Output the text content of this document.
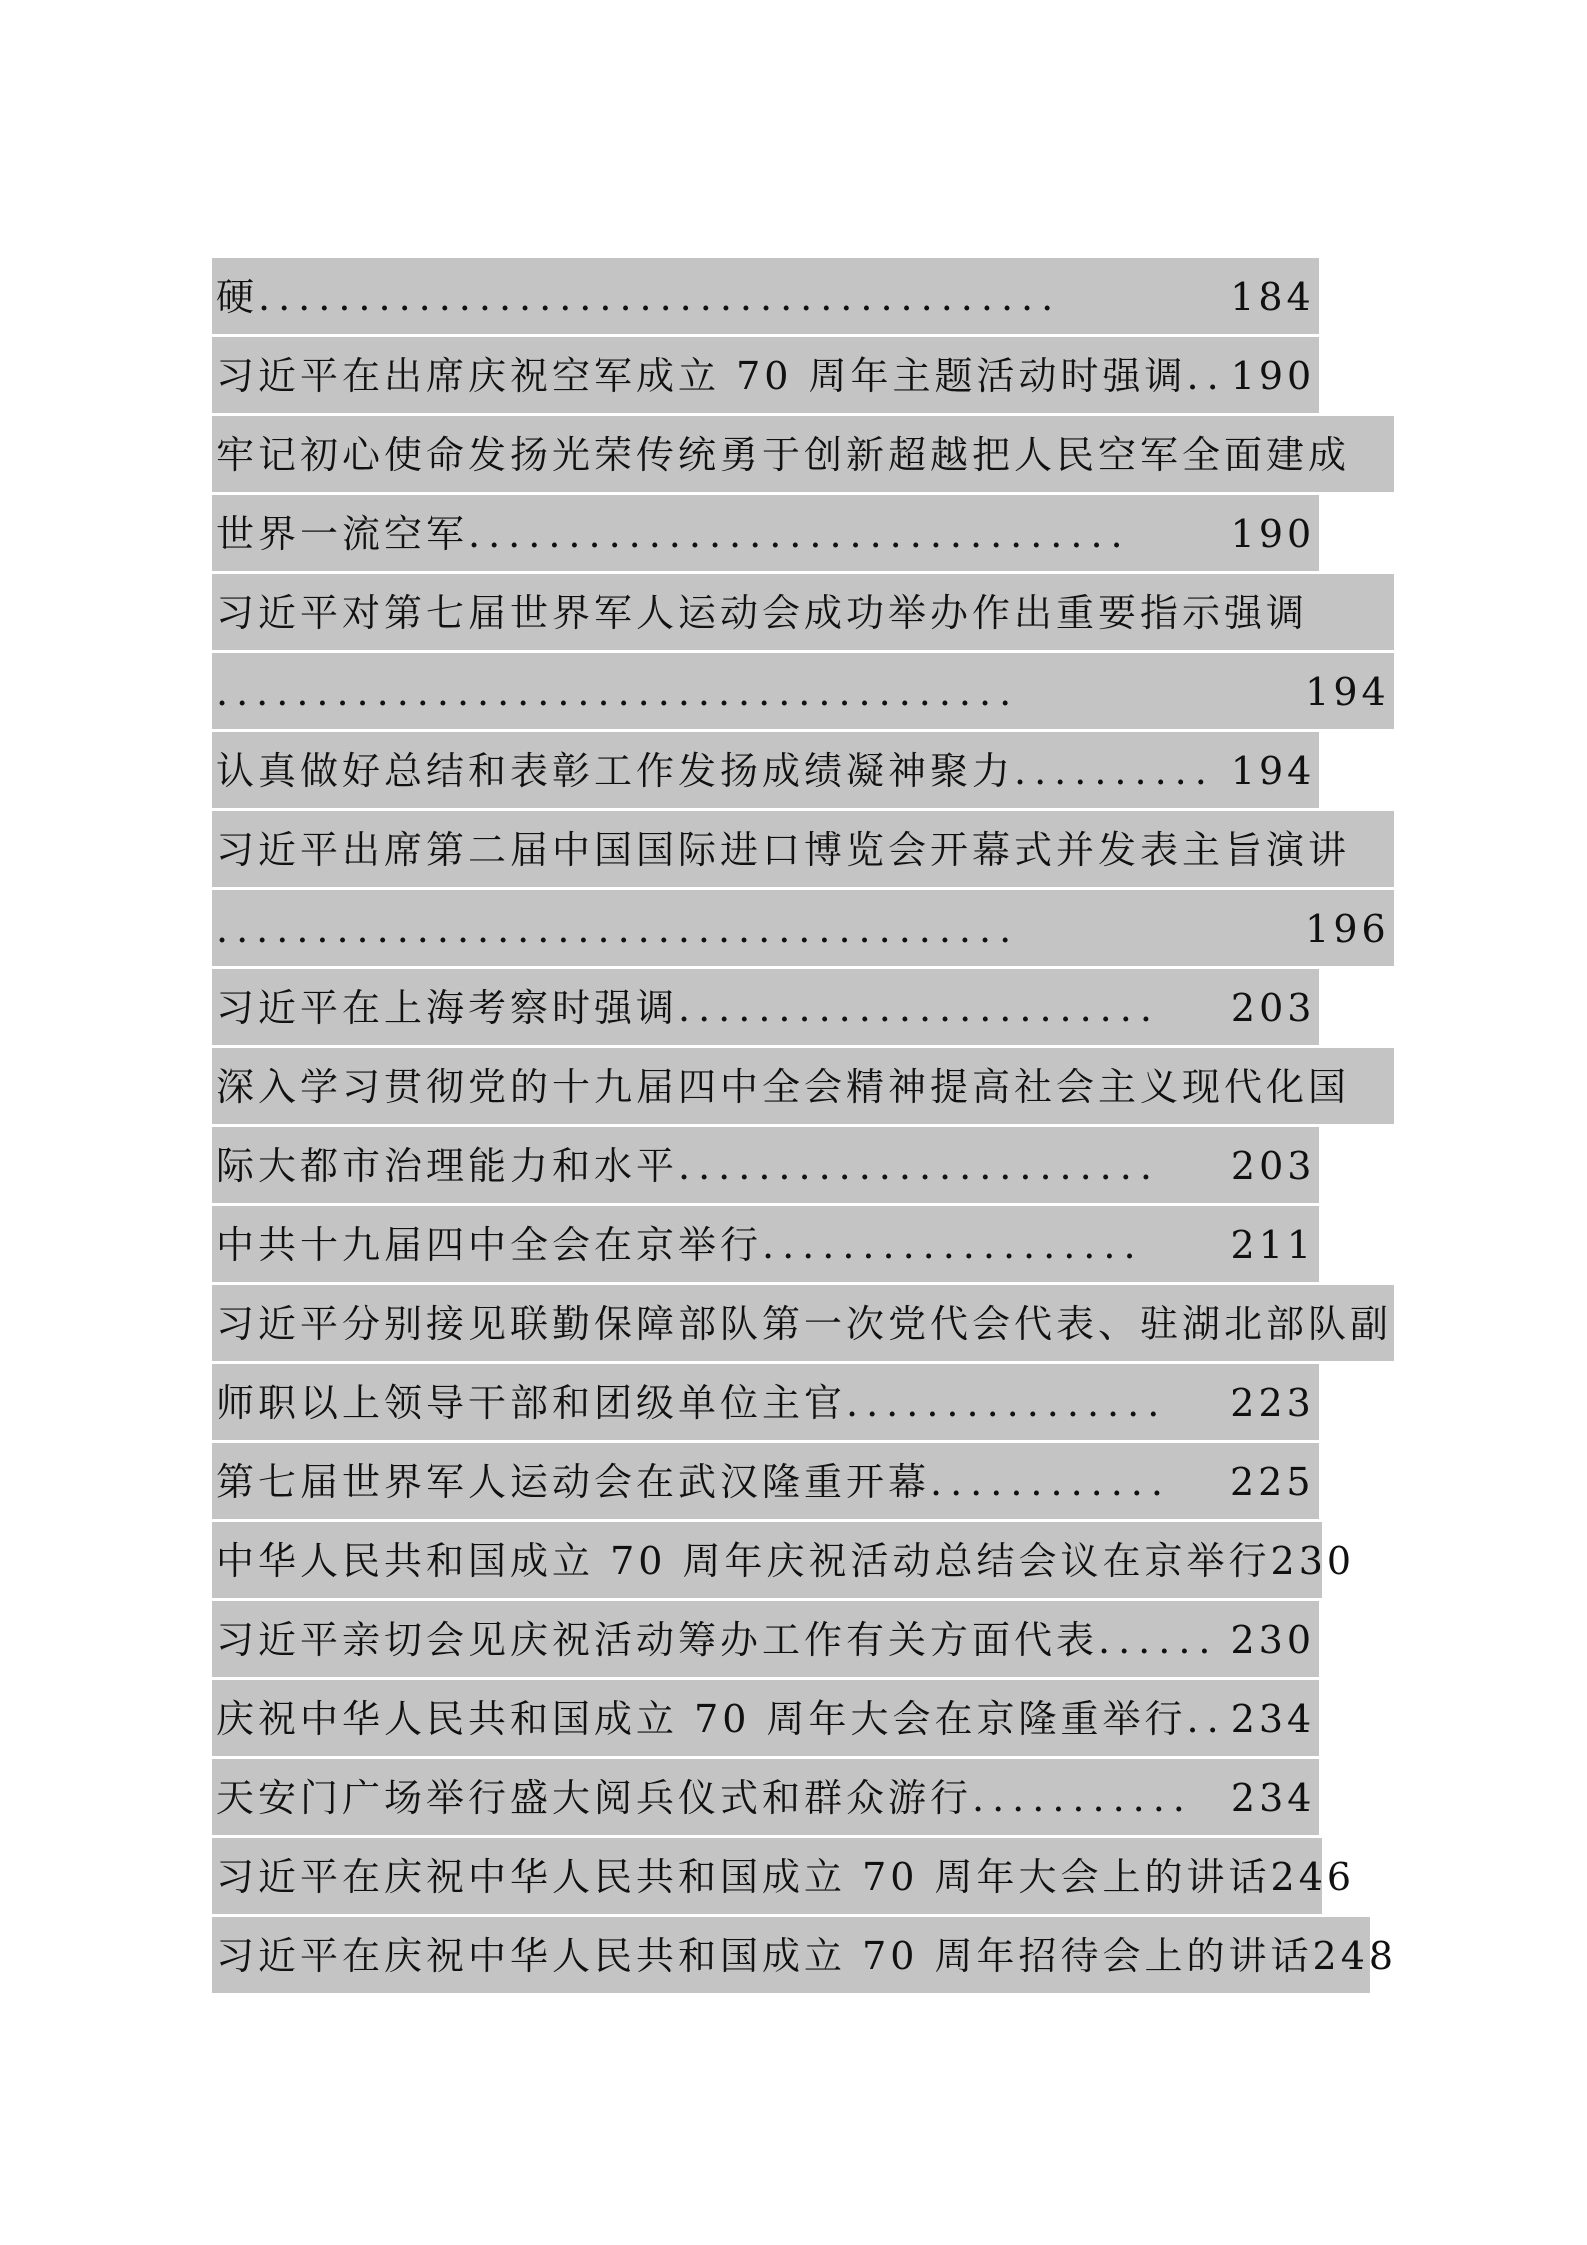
硬 ........................................	184
习近平在出席庆祝空军成立 70 周年主题活动时强调 .. 190
牢记初心使命发扬光荣传统勇于创新超越把人民空军全面建成
世界一流空军 .................................	190
习近平对第七届世界军人运动会成功举办作出重要指示强调
........................................	194
认真做好总结和表彰工作发扬成绩凝神聚力 .......... 194
习近平出席第二届中国国际进口博览会开幕式并发表主旨演讲
........................................	196
习近平在上海考察时强调 ........................ 203
深入学习贯彻党的十九届四中全会精神提高社会主义现代化国
际大都市治理能力和水平 ........................ 203
中共十九届四中全会在京举行 ................... 211
习近平分别接见联勤保障部队第一次党代会代表、驻湖北部队副
师职以上领导干部和团级单位主官 ................ 223
第七届世界军人运动会在武汉隆重开幕 ............ 225
中华人民共和国成立 70 周年庆祝活动总结会议在京举行 230
习近平亲切会见庆祝活动筹办工作有关方面代表 ...... 230
庆祝中华人民共和国成立 70 周年大会在京隆重举行 .. 234
天安门广场举行盛大阅兵仪式和群众游行 ........... 234
习近平在庆祝中华人民共和国成立 70 周年大会上的讲话 246
习近平在庆祝中华人民共和国成立 70 周年招待会上的讲话 248
